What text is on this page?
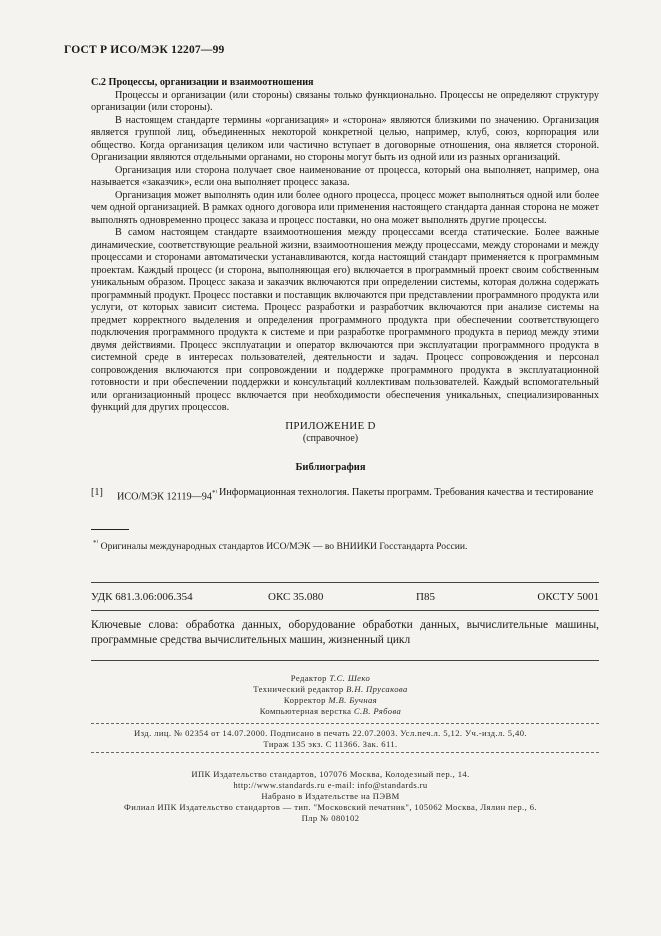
ГОСТ Р ИСО/МЭК 12207—99

С.2 Процессы, организации и взаимоотношения

Процессы и организации (или стороны) связаны только функционально. Процессы не определяют структуру организации (или стороны).

В настоящем стандарте термины «организация» и «сторона» являются близкими по значению. Организация является группой лиц, объединенных некоторой конкретной целью, например, клуб, союз, корпорация или общество. Когда организация целиком или частично вступает в договорные отношения, она является стороной. Организации являются отдельными органами, но стороны могут быть из одной или из разных организаций.

Организация или сторона получает свое наименование от процесса, который она выполняет, например, она называется «заказчик», если она выполняет процесс заказа.

Организация может выполнять один или более одного процесса, процесс может выполняться одной или более чем одной организацией. В рамках одного договора или применения настоящего стандарта данная сторона не может выполнять одновременно процесс заказа и процесс поставки, но она может выполнять другие процессы.

В самом настоящем стандарте взаимоотношения между процессами всегда статические. Более важные динамические, соответствующие реальной жизни, взаимоотношения между процессами, между сторонами и между процессами и сторонами автоматически устанавливаются, когда настоящий стандарт применяется к программным проектам. Каждый процесс (и сторона, выполняющая его) включается в программный проект своим собственным уникальным образом. Процесс заказа и заказчик включаются при определении системы, которая должна содержать программный продукт. Процесс поставки и поставщик включаются при представлении программного продукта или услуги, от которых зависит система. Процесс разработки и разработчик включаются при анализе системы на предмет корректного выделения и определения программного продукта при обеспечении соответствующего подключения программного продукта к системе и при разработке программного продукта в период между этими двумя действиями. Процесс эксплуатации и оператор включаются при эксплуатации программного продукта в системной среде в интересах пользователей, деятельности и задач. Процесс сопровождения и персонал сопровождения включаются при сопровождении и поддержке программного продукта в эксплуатационной готовности и при обеспечении поддержки и консультаций коллективам пользователей. Каждый вспомогательный или организационный процесс включается при необходимости обеспечения уникальных, специализированных функций для других процессов.

ПРИЛОЖЕНИЕ D
(справочное)
Библиография
[1]	ИСО/МЭК 12119—94*⁾ Информационная технология. Пакеты программ. Требования качества и тестирование
*⁾ Оригиналы международных стандартов ИСО/МЭК — во ВНИИКИ Госстандарта России.
УДК 681.3.06:006.354	ОКС 35.080	П85	ОКСТУ 5001
Ключевые слова: обработка данных, оборудование обработки данных, вычислительные машины, программные средства вычислительных машин, жизненный цикл
Редактор Т.С. Шеко
Технический редактор В.Н. Прусакова
Корректор М.В. Бучная
Компьютерная верстка С.В. Рябова
Изд. лиц. № 02354 от 14.07.2000. Подписано в печать 22.07.2003. Усл.печ.л. 5,12. Уч.-изд.л. 5,40.
Тираж 135 экз. С 11366. Зак. 611.
ИПК Издательство стандартов, 107076 Москва, Колодезный пер., 14.
http://www.standards.ru e-mail: info@standards.ru
Набрано в Издательстве на ПЭВМ
Филиал ИПК Издательство стандартов — тип. "Московский печатник", 105062 Москва, Лялин пер., 6.
Плр № 080102
